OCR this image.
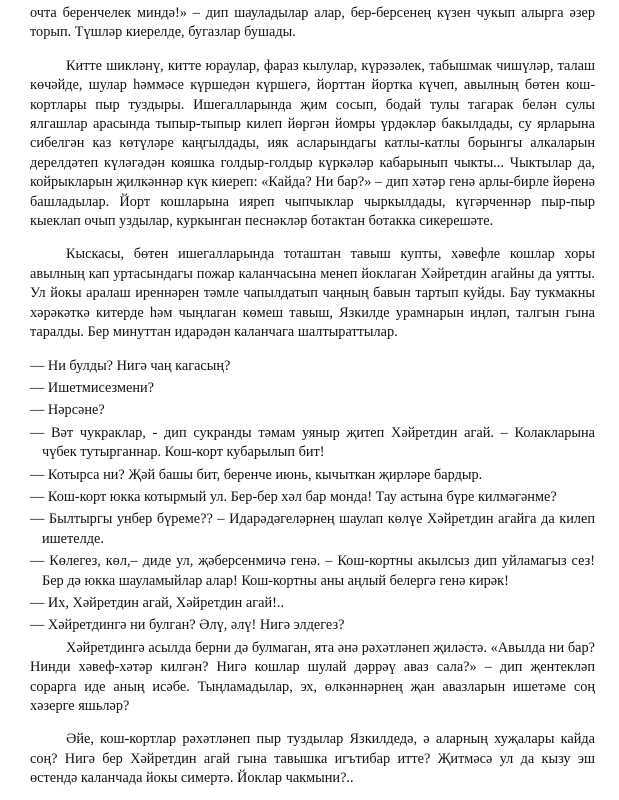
очта беренчелек миндә!» – дип шауладылар алар, бер-берсенең күзен чукып алырга әзер торып. Түшләр киерелде, бугазлар бушады.

Китте шикләнү, китте юраулар, фараз кылулар, күрәзәлек, табышмак чишүләр, талаш көчәйде, шулар һәммәсе күршедән күршегә, йорттан йортка күчеп, авылның бөтен кош-кортлары пыр туздыры. Ишегалларында җим сосып, бодай тулы тагарак белән сулы ялгашлар арасында тыпыр-тыпыр килеп йөргән йомры үрдәкләр бакылдады, су ярларына сибелгән каз көтүләре каңгылдады, ияк асларындагы катлы-катлы борынгы алкаларын дерелдәтеп күләгәдән кояшка голдыр-голдыр күркәләр кабарынып чыкты... Чыктылар да, койрыкларын җилкәннәр күк киереп: «Кайда? Ни бар?» – дип хәтәр генә арлы-бирле йөренә башладылар. Йорт кошларына ияреп чыпчыклар чыркылдады, күгәрченнәр пыр-пыр кыеклап очып уздылар, куркынган песнәкләр ботактан ботакка сикерешәте.

Кыскасы, бөтен ишегалларында тоташтан тавыш купты, хәвефле кошлар хоры авылның кап уртасындагы пожар каланчасына менеп йоклаган Хәйретдин агайны да уятты. Ул йокы аралаш иреннәрен тәмле чапылдатып чаңның бавын тартып куйды. Бау тукмакны хәрәкәткә китерде һәм чыңлаган көмеш тавыш, Язкилде урамнарын иңләп, талгын гына таралды. Бер минуттан идарәдән каланчага шалтыраттылар.

— Ни булды? Нигә чаң кагасың?

— Ишетмисезмени?

— Нәрсәне?

— Вәт чукраклар, - дип сукранды тәмам уяныр җитеп Хәйретдин агай. – Колакларына чүбек тутырганнар. Кош-корт кубарылып бит!

— Котырса ни? Җәй башы бит, беренче июнь, кычыткан җирләре бардыр.

— Кош-корт юкка котырмый ул. Бер-бер хәл бар монда! Тау астына бүре килмәгәнме?

— Былтыргы унбер бүреме?? – Идарәдәгеләрнең шаулап көлүе Хәйретдин агайга да килеп ишетелде.

— Көлегез, көл,– диде ул, җәберсенмичә генә. – Кош-кортны акылсыз дип уйламагыз сез! Бер дә юкка шауламыйлар алар! Кош-кортны аны аңлый белергә генә кирәк!

— Их, Хәйретдин агай, Хәйретдин агай!..

— Хәйретдингә ни булган? Әлү, әлү! Нигә элдегез?

Хәйретдингә асылда берни дә булмаган, ята әнә рәхәтләнеп җиләстә. «Авылда ни бар? Нинди хәвеф-хәтәр килгән? Нигә кошлар шулай дәррәү аваз сала?» – дип җентекләп сорарга иде аның исәбе. Тыңламадылар, эх, өлкәннәрнең җан авазларын ишетәме соң хәзерге яшьләр?

Әйе, кош-кортлар рәхәтләнеп пыр туздылар Язкилдедә, ә аларның хуҗалары кайда соң? Нигә бер Хәйретдин агай гына тавышка игътибар итте? Җитмәсә ул да кызу эш өстендә каланчада йокы симертә. Йоклар чакмыни?..
